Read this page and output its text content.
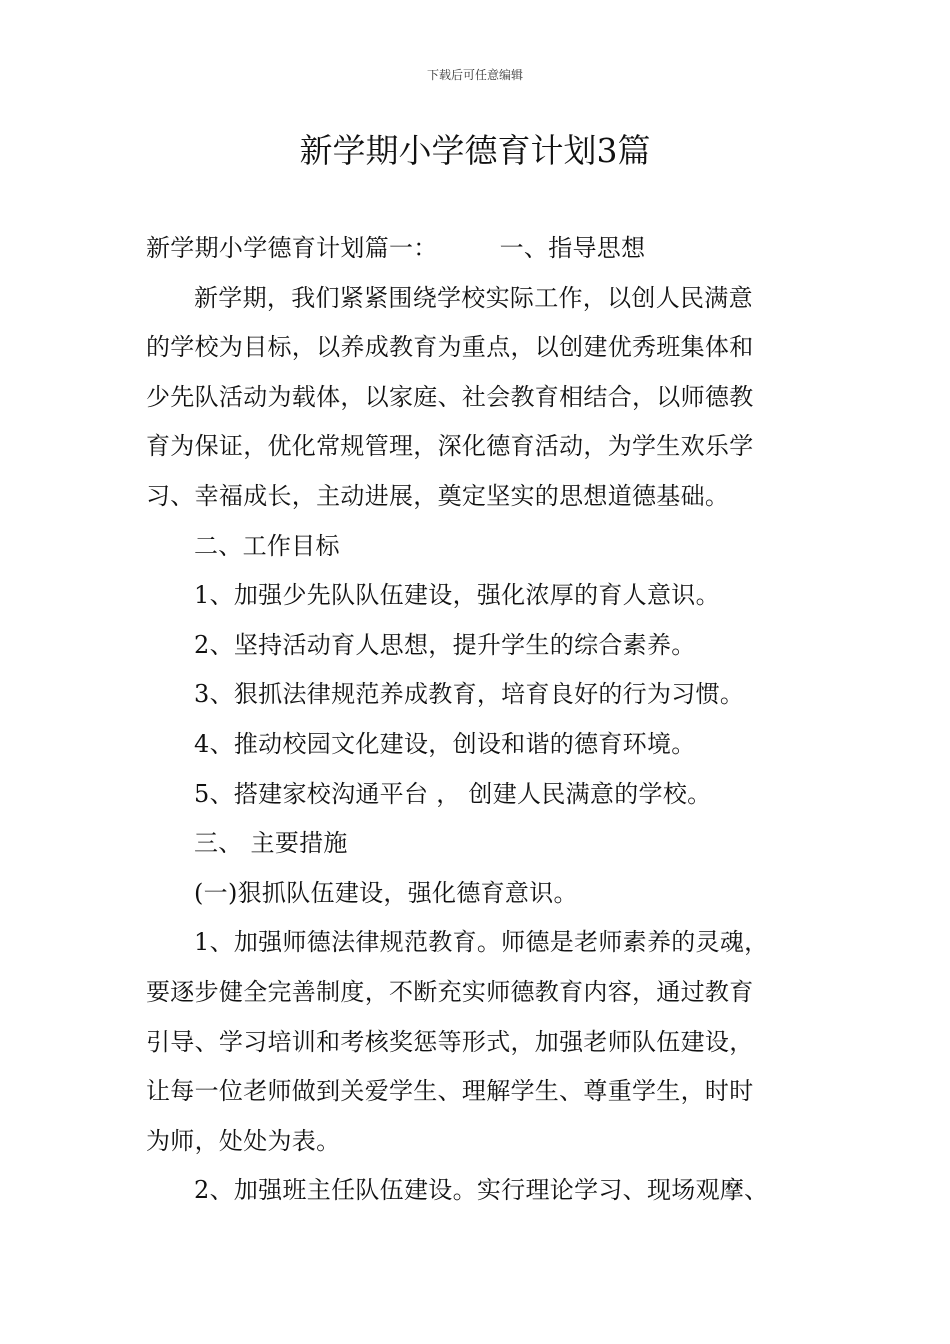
下载后可任意编辑
新学期小学德育计划3篇

新学期小学德育计划篇一：	一、指导思想

新学期，我们紧紧围绕学校实际工作，以创人民满意
的学校为目标，以养成教育为重点，以创建优秀班集体和
少先队活动为载体，以家庭、社会教育相结合，以师德教
育为保证，优化常规管理，深化德育活动，为学生欢乐学
习、幸福成长，主动进展，奠定坚实的思想道德基础。

二、工作目标

1、加强少先队队伍建设，强化浓厚的育人意识。

2、坚持活动育人思想，提升学生的综合素养。

3、狠抓法律规范养成教育，培育良好的行为习惯。

4、推动校园文化建设，创设和谐的德育环境。

5、搭建家校沟通平台 ， 创建人民满意的学校。

三、 主要措施

(一)狠抓队伍建设，强化德育意识。

1、加强师德法律规范教育。师德是老师素养的灵魂，
要逐步健全完善制度，不断充实师德教育内容，通过教育
引导、学习培训和考核奖惩等形式，加强老师队伍建设，
让每一位老师做到关爱学生、理解学生、尊重学生，时时
为师，处处为表。

2、加强班主任队伍建设。实行理论学习、现场观摩、
